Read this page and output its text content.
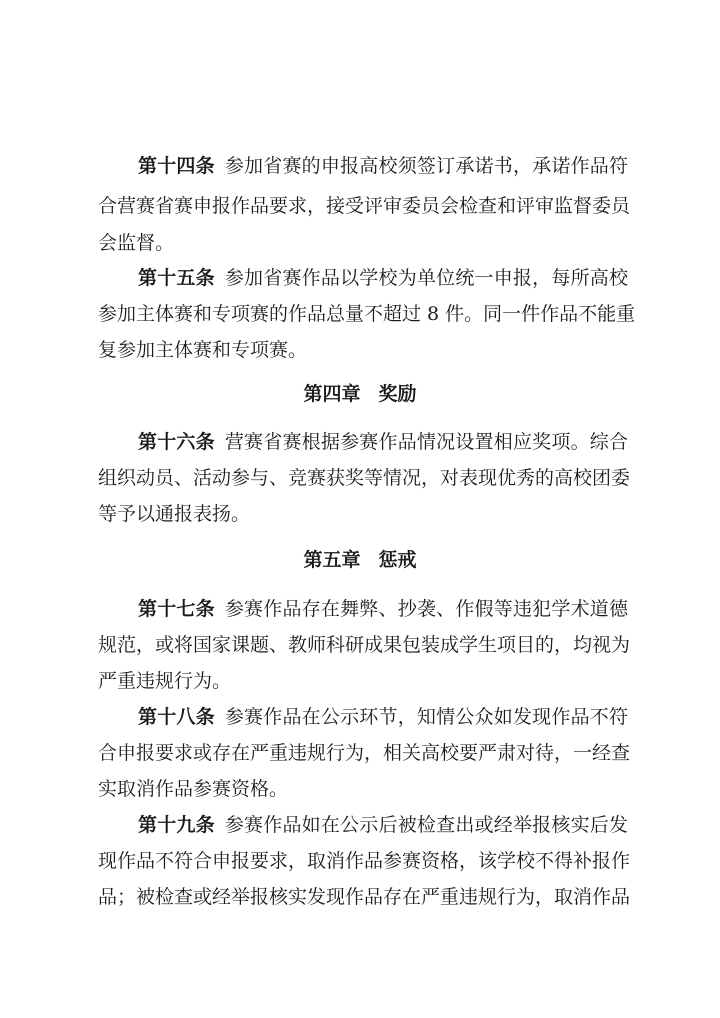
第十四条 参加省赛的申报高校须签订承诺书，承诺作品符
合营赛省赛申报作品要求，接受评审委员会检查和评审监督委员
会监督。
第十五条 参加省赛作品以学校为单位统一申报，每所高校
参加主体赛和专项赛的作品总量不超过 8 件。同一件作品不能重
复参加主体赛和专项赛。
第四章 奖励
第十六条 营赛省赛根据参赛作品情况设置相应奖项。综合
组织动员、活动参与、竞赛获奖等情况，对表现优秀的高校团委
等予以通报表扬。
第五章 惩戒
第十七条 参赛作品存在舞弊、抄袭、作假等违犯学术道德
规范，或将国家课题、教师科研成果包装成学生项目的，均视为
严重违规行为。
第十八条 参赛作品在公示环节，知情公众如发现作品不符
合申报要求或存在严重违规行为，相关高校要严肃对待，一经查
实取消作品参赛资格。
第十九条 参赛作品如在公示后被检查出或经举报核实后发
现作品不符合申报要求，取消作品参赛资格，该学校不得补报作
品；被检查或经举报核实发现作品存在严重违规行为，取消作品
